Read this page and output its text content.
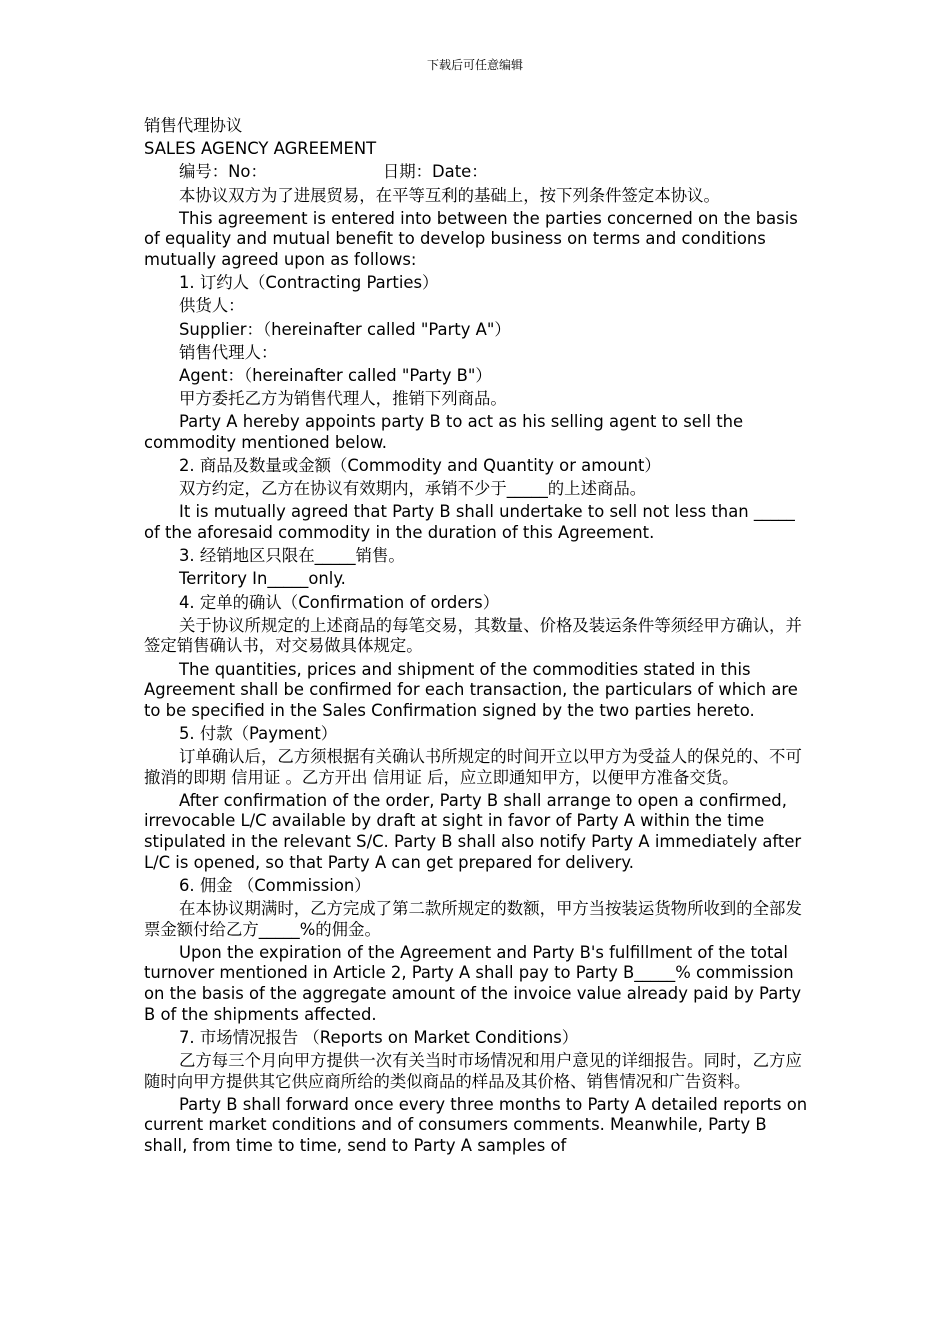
下载后可任意编辑

销售代理协议

SALES AGENCY AGREEMENT

编号：No：	日期：Date：

本协议双方为了进展贸易，在平等互利的基础上，按下列条件签定本协议。

This agreement is entered into between the parties concerned on the basis of equality and mutual benefit to develop business on terms and conditions mutually agreed upon as follows:

1. 订约人（Contracting Parties）

供货人：

Supplier：（hereinafter called "Party A"）

销售代理人：

Agent：（hereinafter called "Party B"）

甲方委托乙方为销售代理人，推销下列商品。

Party A hereby appoints party B to act as his selling agent to sell the commodity mentioned below.

2. 商品及数量或金额（Commodity and Quantity or amount）

双方约定，乙方在协议有效期内，承销不少于_____的上述商品。

It is mutually agreed that Party B shall undertake to sell not less than _____ of the aforesaid commodity in the duration of this Agreement.

3. 经销地区只限在_____销售。

Territory In_____only.

4. 定单的确认（Confirmation of orders）

关于协议所规定的上述商品的每笔交易，其数量、价格及装运条件等须经甲方确认，并签定销售确认书，对交易做具体规定。

The quantities, prices and shipment of the commodities stated in this Agreement shall be confirmed for each transaction, the particulars of which are to be specified in the Sales Confirmation signed by the two parties hereto.

5. 付款（Payment）

订单确认后，乙方须根据有关确认书所规定的时间开立以甲方为受益人的保兑的、不可撤消的即期 信用证 。乙方开出 信用证 后，应立即通知甲方，以便甲方准备交货。

After confirmation of the order, Party B shall arrange to open a confirmed, irrevocable L/C available by draft at sight in favor of Party A within the time stipulated in the relevant S/C. Party B shall also notify Party A immediately after L/C is opened, so that Party A can get prepared for delivery.

6. 佣金 （Commission）

在本协议期满时，乙方完成了第二款所规定的数额，甲方当按装运货物所收到的全部发票金额付给乙方_____%的佣金。

Upon the expiration of the Agreement and Party B's fulfillment of the total turnover mentioned in Article 2, Party A shall pay to Party B_____% commission on the basis of the aggregate amount of the invoice value already paid by Party B of the shipments affected.

7. 市场情况报告 （Reports on Market Conditions）

乙方每三个月向甲方提供一次有关当时市场情况和用户意见的详细报告。同时，乙方应随时向甲方提供其它供应商所给的类似商品的样品及其价格、销售情况和广告资料。

Party B shall forward once every three months to Party A detailed reports on current market conditions and of consumers comments. Meanwhile, Party B shall, from time to time, send to Party A samples of
